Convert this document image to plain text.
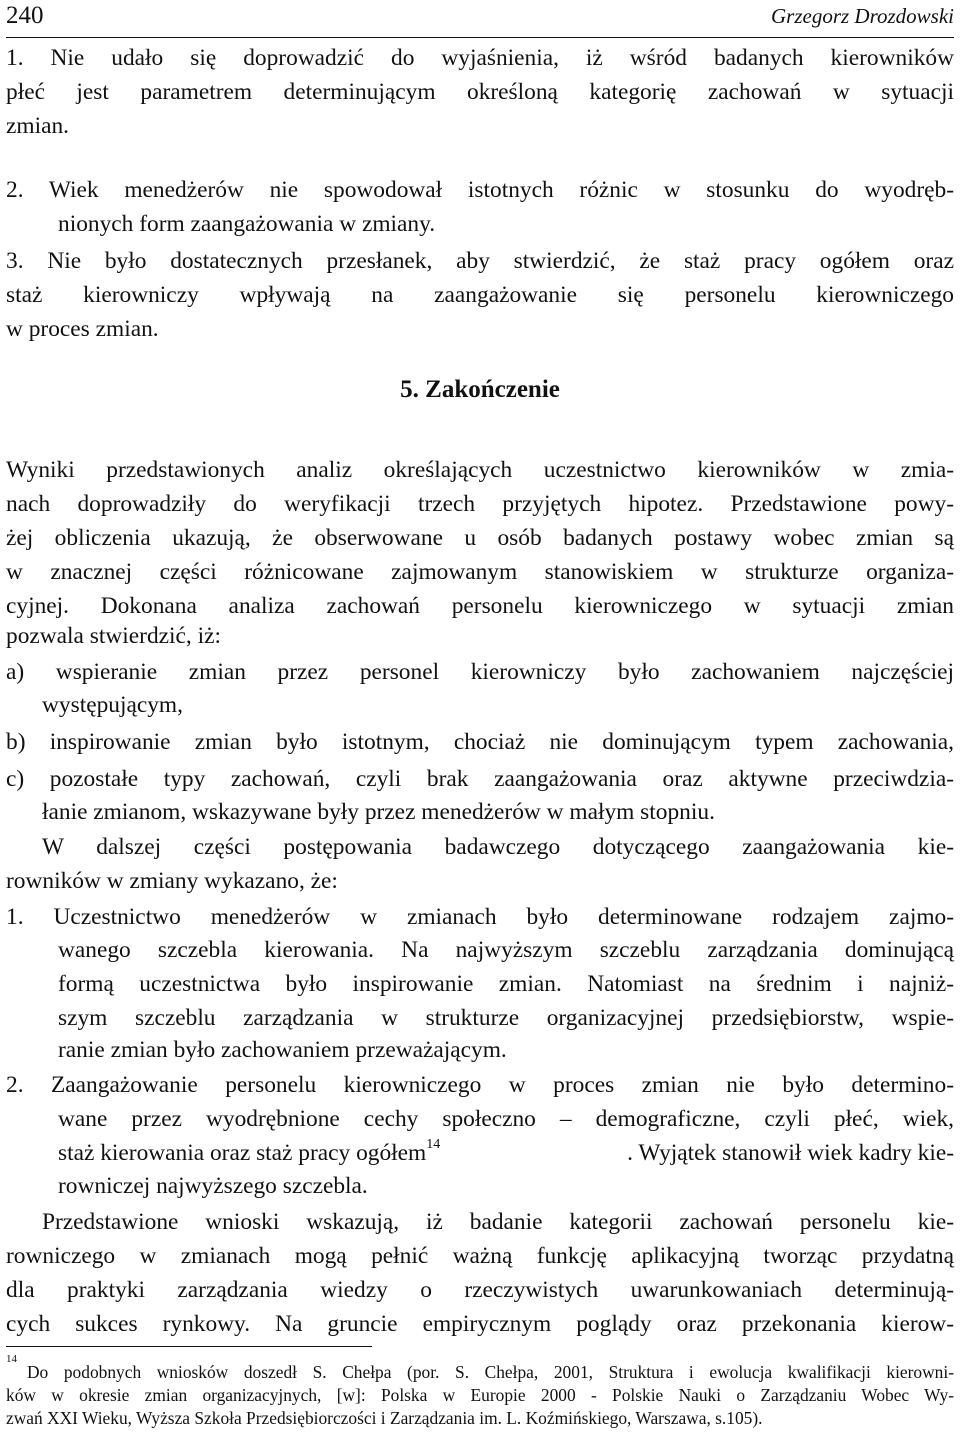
240	Grzegorz Drozdowski
1. Nie udało się doprowadzić do wyjaśnienia, iż wśród badanych kierowników
płeć jest parametrem determinującym określoną kategorię zachowań w sytuacji
zmian.
2. Wiek menedżerów nie spowodował istotnych różnic w stosunku do wyodręb-
nionych form zaangażowania w zmiany.
3. Nie było dostatecznych przesłanek, aby stwierdzić, że staż pracy ogółem oraz
staż kierowniczy wpływają na zaangażowanie się personelu kierowniczego
w proces zmian.
5. Zakończenie
Wyniki przedstawionych analiz określających uczestnictwo kierowników w zmia-
nach doprowadziły do weryfikacji trzech przyjętych hipotez. Przedstawione powy-
żej obliczenia ukazują, że obserwowane u osób badanych postawy wobec zmian są
w znacznej części różnicowane zajmowanym stanowiskiem w strukturze organiza-
cyjnej. Dokonana analiza zachowań personelu kierowniczego w sytuacji zmian
pozwala stwierdzić, iż:
a) wspieranie zmian przez personel kierowniczy było zachowaniem najczęściej
występującym,
b) inspirowanie zmian było istotnym, chociaż nie dominującym typem zachowania,
c) pozostałe typy zachowań, czyli brak zaangażowania oraz aktywne przeciwdzia-
łanie zmianom, wskazywane były przez menedżerów w małym stopniu.
W dalszej części postępowania badawczego dotyczącego zaangażowania kie-
rowników w zmiany wykazano, że:
1. Uczestnictwo menedżerów w zmianach było determinowane rodzajem zajmo-
wanego szczebla kierowania. Na najwyższym szczeblu zarządzania dominującą
formą uczestnictwa było inspirowanie zmian. Natomiast na średnim i najniż-
szym szczeblu zarządzania w strukturze organizacyjnej przedsiębiorstw, wspie-
ranie zmian było zachowaniem przeważającym.
2. Zaangażowanie personelu kierowniczego w proces zmian nie było determino-
wane przez wyodrębnione cechy społeczno – demograficzne, czyli płeć, wiek,
staż kierowania oraz staż pracy ogółem$^{14}$	. Wyjątek stanowił wiek kadry kie-
rowniczej najwyższego szczebla.
Przedstawione wnioski wskazują, iż badanie kategorii zachowań personelu kie-
rowniczego w zmianach mogą pełnić ważną funkcję aplikacyjną tworząc przydatną
dla praktyki zarządzania wiedzy o rzeczywistych uwarunkowaniach determinują-
cych sukces rynkowy. Na gruncie empirycznym poglądy oraz przekonania kierow-
$^{14}$
Do podobnych wniosków doszedł S. Chełpa (por. S. Chełpa, 2001, Struktura i ewolucja kwalifikacji kierowni-
ków w okresie zmian organizacyjnych, [w]: Polska w Europie 2000 - Polskie Nauki o Zarządzaniu Wobec Wy-
zwań XXI Wieku, Wyższa Szkoła Przedsiębiorczości i Zarządzania im. L. Koźmińskiego, Warszawa, s.105).
